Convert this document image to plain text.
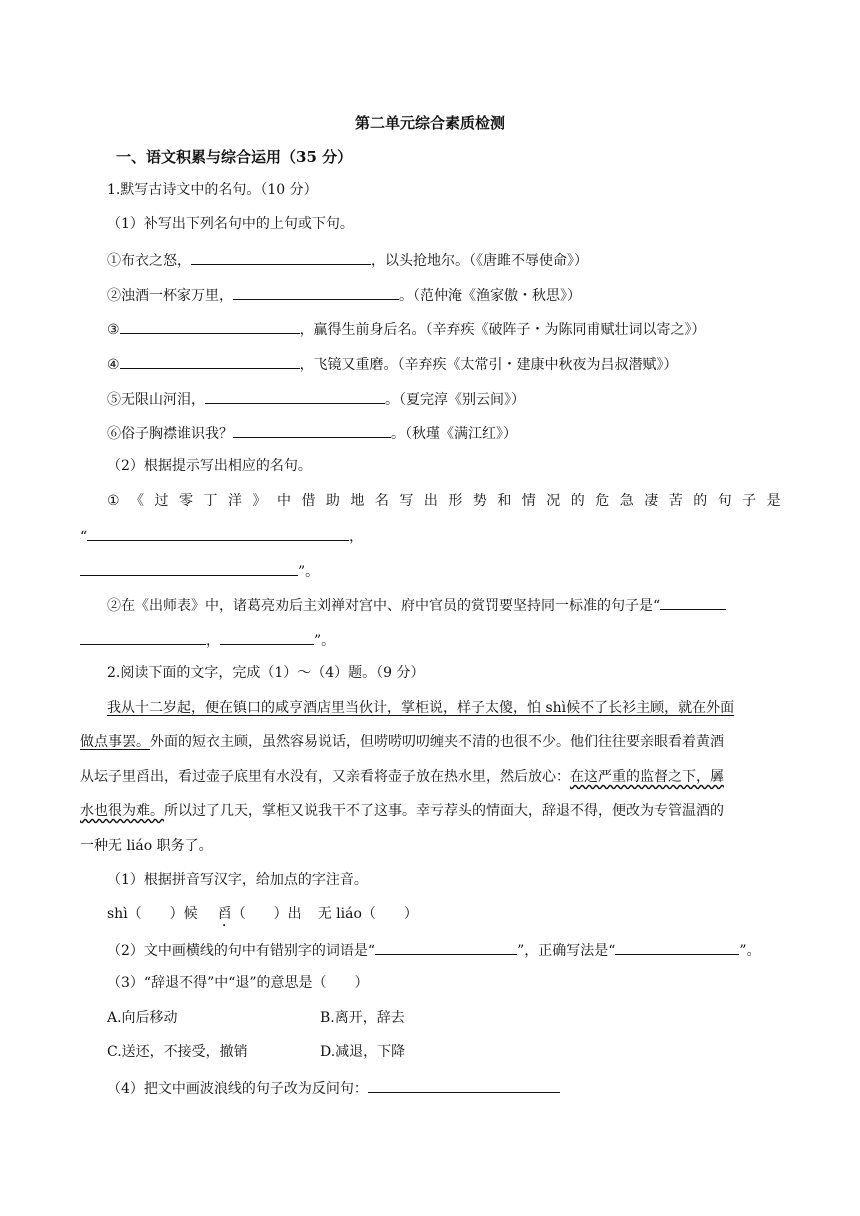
第二单元综合素质检测
一、语文积累与综合运用（35 分）
1.默写古诗文中的名句。（10 分）
（1）补写出下列名句中的上句或下句。
①布衣之怒，	，以头抢地尔。（《唐雎不辱使命》）
②浊酒一杯家万里，	。（范仲淹《渔家傲・秋思》）
③	，赢得生前身后名。（辛弃疾《破阵子・为陈同甫赋壮词以寄之》）
④	，飞镜又重磨。（辛弃疾《太常引・建康中秋夜为吕叔潜赋》）
⑤无限山河泪，	。（夏完淳《别云间》）
⑥俗子胸襟谁识我？	。（秋瑾《满江红》）
（2）根据提示写出相应的名句。
① 《 过 零 丁 洋 》 中 借 助 地 名 写 出 形 势 和 情 况 的 危 急 凄 苦 的 句 子 是
“	，
”。
②在《出师表》中，诸葛亮劝后主刘禅对宫中、府中官员的赏罚要坚持同一标准的句子是“
，	”。
2.阅读下面的文字，完成（1）～（4）题。（9 分）
我从十二岁起，便在镇口的咸亨酒店里当伙计，掌柜说，样子太傻，怕 shì候不了长衫主顾，就在外面
做点事罢。外面的短衣主顾，虽然容易说话，但唠唠叨叨缠夹不清的也很不少。他们往往要亲眼看着黄酒
从坛子里舀出，看过壶子底里有水没有，又亲看将壶子放在热水里，然后放心：在这严重的监督之下，羼
水也很为难。所以过了几天，掌柜又说我干不了这事。幸亏荐头的情面大，辞退不得，便改为专管温酒的
一种无 liáo 职务了。
（1）根据拼音写汉字，给加点的字注音。
shì（　　）候 舀（　　）出 无 liáo（　　）
（2）文中画横线的句中有错别字的词语是“	”，正确写法是“	”。
（3）“辞退不得”中“退”的意思是（　　）
A.向后移动	B.离开，辞去
C.送还，不接受，撤销	D.减退，下降
（4）把文中画波浪线的句子改为反问句：
